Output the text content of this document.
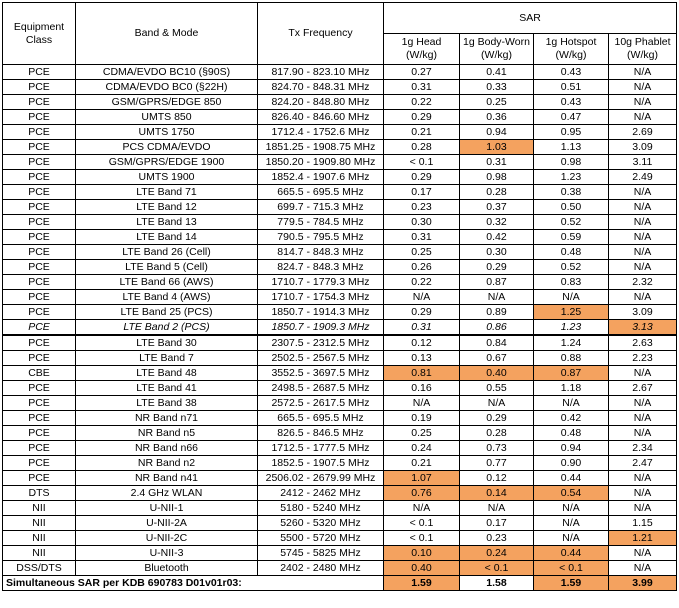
Equipment Class	Band & Mode	Tx Frequency	SAR			
			1g Head (W/kg)	1g Body-Worn (W/kg)	1g Hotspot (W/kg)	10g Phablet (W/kg)
PCE	CDMA/EVDO BC10 (§90S)	817.90 - 823.10 MHz	0.27	0.41	0.43	N/A
PCE	CDMA/EVDO BC0 (§22H)	824.70 - 848.31 MHz	0.31	0.33	0.51	N/A
PCE	GSM/GPRS/EDGE 850	824.20 - 848.80 MHz	0.22	0.25	0.43	N/A
PCE	UMTS 850	826.40 - 846.60 MHz	0.29	0.36	0.47	N/A
PCE	UMTS 1750	1712.4 - 1752.6 MHz	0.21	0.94	0.95	2.69
PCE	PCS CDMA/EVDO	1851.25 - 1908.75 MHz	0.28	1.03	1.13	3.09
PCE	GSM/GPRS/EDGE 1900	1850.20 - 1909.80 MHz	< 0.1	0.31	0.98	3.11
PCE	UMTS 1900	1852.4 - 1907.6 MHz	0.29	0.98	1.23	2.49
PCE	LTE Band 71	665.5 - 695.5 MHz	0.17	0.28	0.38	N/A
PCE	LTE Band 12	699.7 - 715.3 MHz	0.23	0.37	0.50	N/A
PCE	LTE Band 13	779.5 - 784.5 MHz	0.30	0.32	0.52	N/A
PCE	LTE Band 14	790.5 - 795.5 MHz	0.31	0.42	0.59	N/A
PCE	LTE Band 26 (Cell)	814.7 - 848.3 MHz	0.25	0.30	0.48	N/A
PCE	LTE Band 5 (Cell)	824.7 - 848.3 MHz	0.26	0.29	0.52	N/A
PCE	LTE Band 66 (AWS)	1710.7 - 1779.3 MHz	0.22	0.87	0.83	2.32
PCE	LTE Band 4 (AWS)	1710.7 - 1754.3 MHz	N/A	N/A	N/A	N/A
PCE	LTE Band 25 (PCS)	1850.7 - 1914.3 MHz	0.29	0.89	1.25	3.09
PCE	LTE Band 2 (PCS)	1850.7 - 1909.3 MHz	0.31	0.86	1.23	3.13
PCE	LTE Band 30	2307.5 - 2312.5 MHz	0.12	0.84	1.24	2.63
PCE	LTE Band 7	2502.5 - 2567.5 MHz	0.13	0.67	0.88	2.23
CBE	LTE Band 48	3552.5 - 3697.5 MHz	0.81	0.40	0.87	N/A
PCE	LTE Band 41	2498.5 - 2687.5 MHz	0.16	0.55	1.18	2.67
PCE	LTE Band 38	2572.5 - 2617.5 MHz	N/A	N/A	N/A	N/A
PCE	NR Band n71	665.5 - 695.5 MHz	0.19	0.29	0.42	N/A
PCE	NR Band n5	826.5 - 846.5 MHz	0.25	0.28	0.48	N/A
PCE	NR Band n66	1712.5 - 1777.5 MHz	0.24	0.73	0.94	2.34
PCE	NR Band n2	1852.5 - 1907.5 MHz	0.21	0.77	0.90	2.47
PCE	NR Band n41	2506.02 - 2679.99 MHz	1.07	0.12	0.44	N/A
DTS	2.4 GHz WLAN	2412 - 2462 MHz	0.76	0.14	0.54	N/A
NII	U-NII-1	5180 - 5240 MHz	N/A	N/A	N/A	N/A
NII	U-NII-2A	5260 - 5320 MHz	< 0.1	0.17	N/A	1.15
NII	U-NII-2C	5500 - 5720 MHz	< 0.1	0.23	N/A	1.21
NII	U-NII-3	5745 - 5825 MHz	0.10	0.24	0.44	N/A
DSS/DTS	Bluetooth	2402 - 2480 MHz	0.40	< 0.1	< 0.1	N/A
Simultaneous SAR per KDB 690783 D01v01r03:			1.59	1.58	1.59	3.99
